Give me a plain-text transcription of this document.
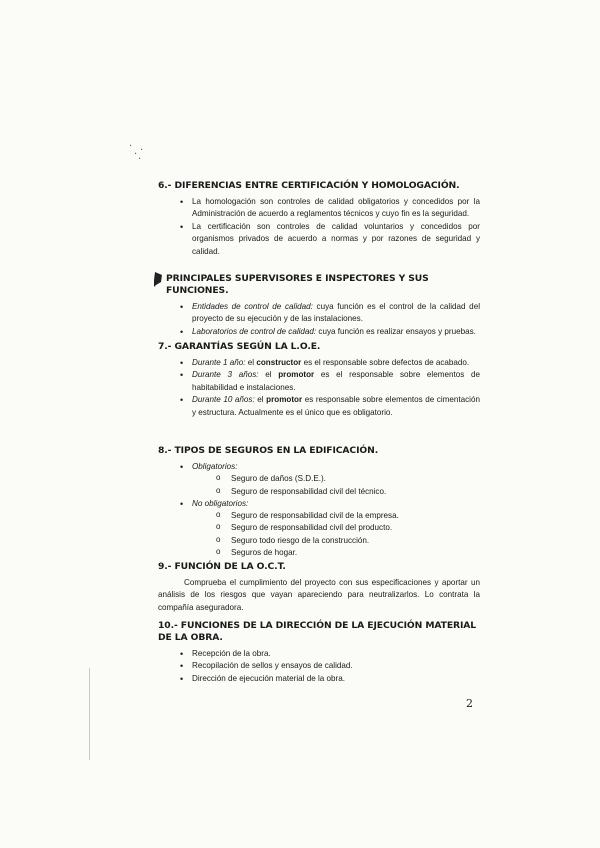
·
· ·
·
6.- DIFERENCIAS ENTRE CERTIFICACIÓN Y HOMOLOGACIÓN.
• La homologación son controles de calidad obligatorios y concedidos por la Administración de acuerdo a reglamentos técnicos y cuyo fin es la seguridad.
• La certificación son controles de calidad voluntarios y concedidos por organismos privados de acuerdo a normas y por razones de seguridad y calidad.
PRINCIPALES SUPERVISORES E INSPECTORES Y SUS FUNCIONES.
• Entidades de control de calidad: cuya función es el control de la calidad del proyecto de su ejecución y de las instalaciones.
• Laboratorios de control de calidad: cuya función es realizar ensayos y pruebas.
7.- GARANTÍAS SEGÚN LA L.O.E.
• Durante 1 año: el constructor es el responsable sobre defectos de acabado.
• Durante 3 años: el promotor es el responsable sobre elementos de habitabilidad e instalaciones.
• Durante 10 años: el promotor es responsable sobre elementos de cimentación y estructura. Actualmente es el único que es obligatorio.
8.- TIPOS DE SEGUROS EN LA EDIFICACIÓN.
• Obligatorios:
o Seguro de daños (S.D.E.).
o Seguro de responsabilidad civil del técnico.
• No obligatorios:
o Seguro de responsabilidad civil de la empresa.
o Seguro de responsabilidad civil del producto.
o Seguro todo riesgo de la construcción.
o Seguros de hogar.
9.- FUNCIÓN DE LA O.C.T.

Comprueba el cumplimiento del proyecto con sus especificaciones y aportar un análisis de los riesgos que vayan apareciendo para neutralizarlos. Lo contrata la compañía aseguradora.

10.- FUNCIONES DE LA DIRECCIÓN DE LA EJECUCIÓN MATERIAL DE LA OBRA.
• Recepción de la obra.
• Recopilación de sellos y ensayos de calidad.
• Dirección de ejecución material de la obra.
2
